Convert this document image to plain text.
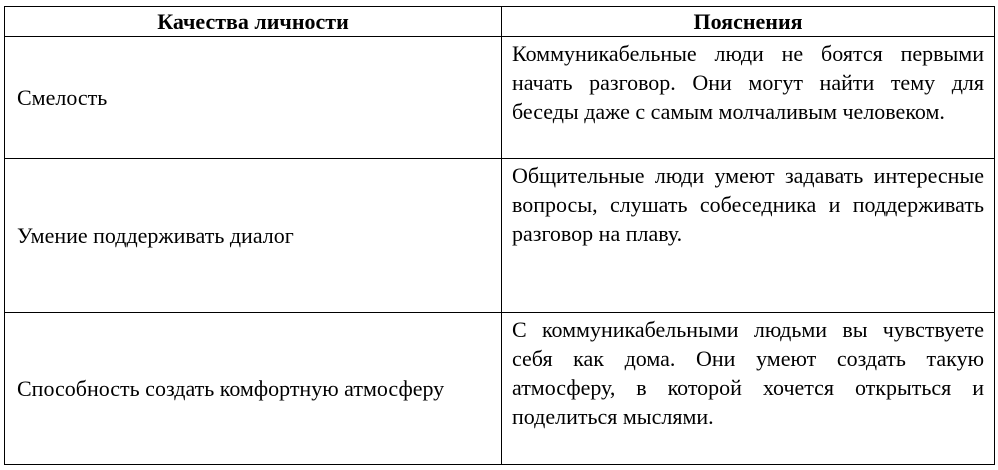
Качества личности	Пояснения
Смелость	Коммуникабельные люди не боятся первыми начать разговор. Они могут найти тему для беседы даже с самым молчаливым человеком.
Умение поддерживать диалог	Общительные люди умеют задавать интересные вопросы, слушать собеседника и поддерживать разговор на плаву.
Способность создать комфортную атмосферу	С коммуникабельными людьми вы чувствуете себя как дома. Они умеют создать такую атмосферу, в которой хочется открыться и поделиться мыслями.
